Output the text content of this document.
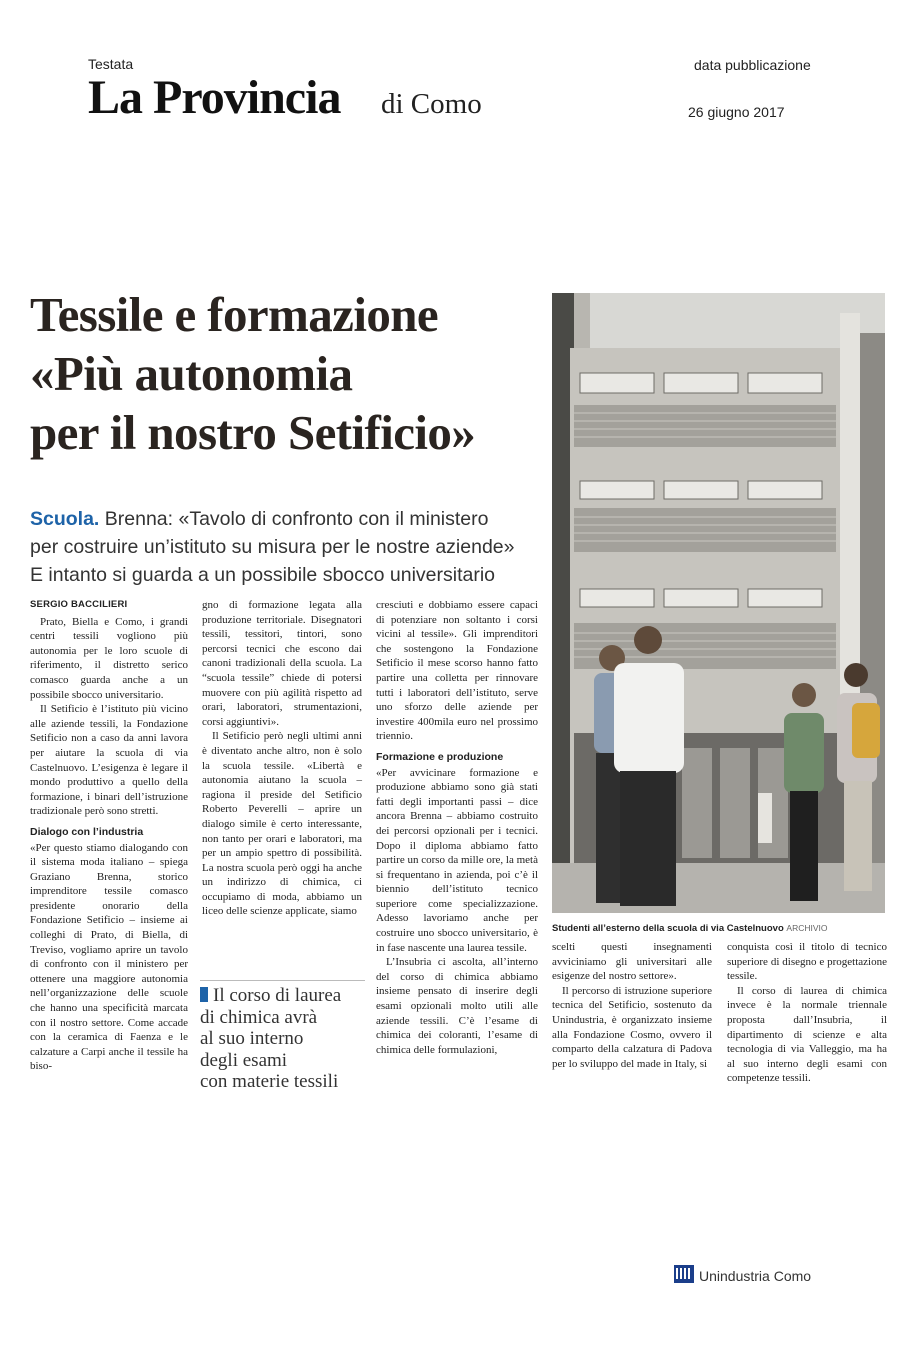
Testata
La Provincia di Como
data pubblicazione
26 giugno 2017
Tessile e formazione
«Più autonomia
per il nostro Setificio»
Scuola. Brenna: «Tavolo di confronto con il ministero
per costruire un’istituto su misura per le nostre aziende»
E intanto si guarda a un possibile sbocco universitario
SERGIO BACCILIERI

Prato, Biella e Como, i grandi centri tessili vogliono più autonomia per le loro scuole di riferimento, il distretto serico comasco guarda anche a un possibile sbocco universitario.

Il Setificio è l’istituto più vicino alle aziende tessili, la Fondazione Setificio non a caso da anni lavora per aiutare la scuola di via Castelnuovo. L’esigenza è legare il mondo produttivo a quello della formazione, i binari dell’istruzione tradizionale però sono stretti.

Dialogo con l’industria

«Per questo stiamo dialogando con il sistema moda italiano – spiega Graziano Brenna, storico imprenditore tessile comasco presidente onorario della Fondazione Setificio – insieme ai colleghi di Prato, di Biella, di Treviso, vogliamo aprire un tavolo di confronto con il ministero per ottenere una maggiore autonomia nell’organizzazione delle scuole che hanno una specificità marcata con il nostro settore. Come accade con la ceramica di Faenza e le calzature a Carpi anche il tessile ha biso-

gno di formazione legata alla produzione territoriale. Disegnatori tessili, tessitori, tintori, sono percorsi tecnici che escono dai canoni tradizionali della scuola. La “scuola tessile” chiede di potersi muovere con più agilità rispetto ad orari, laboratori, strumentazioni, corsi aggiuntivi».

Il Setificio però negli ultimi anni è diventato anche altro, non è solo la scuola tessile. «Libertà e autonomia aiutano la scuola – ragiona il preside del Setificio Roberto Peverelli – aprire un dialogo simile è certo interessante, non tanto per orari e laboratori, ma per un ampio spettro di possibilità. La nostra scuola però oggi ha anche un indirizzo di chimica, ci occupiamo di moda, abbiamo un liceo delle scienze applicate, siamo

Il corso di laurea
di chimica avrà
al suo interno
degli esami
con materie tessili

cresciuti e dobbiamo essere capaci di potenziare non soltanto i corsi vicini al tessile». Gli imprenditori che sostengono la Fondazione Setificio il mese scorso hanno fatto partire una colletta per rinnovare tutti i laboratori dell’istituto, serve uno sforzo delle aziende per investire 400mila euro nel prossimo triennio.

Formazione e produzione

«Per avvicinare formazione e produzione abbiamo sono già stati fatti degli importanti passi – dice ancora Brenna – abbiamo costruito dei percorsi opzionali per i tecnici. Dopo il diploma abbiamo fatto partire un corso da mille ore, la metà si frequentano in azienda, poi c’è il biennio dell’istituto tecnico superiore come specializzazione. Adesso lavoriamo anche per costruire uno sbocco universitario, è in fase nascente una laurea tessile.

L’Insubria ci ascolta, all’interno del corso di chimica abbiamo insieme pensato di inserire degli esami opzionali molto utili alle aziende tessili. C’è l’esame di chimica dei coloranti, l’esame di chimica delle formulazioni,

Studenti all’esterno della scuola di via Castelnuovo ARCHIVIO

scelti questi insegnamenti avviciniamo gli universitari alle esigenze del nostro settore».

Il percorso di istruzione superiore tecnica del Setificio, sostenuto da Unindustria, è organizzato insieme alla Fondazione Cosmo, ovvero il comparto della calzatura di Padova per lo sviluppo del made in Italy, si

conquista così il titolo di tecnico superiore di disegno e progettazione tessile.

Il corso di laurea di chimica invece è la normale triennale proposta dall’Insubria, il dipartimento di scienze e alta tecnologia di via Valleggio, ma ha al suo interno degli esami con competenze tessili.

Unindustria Como
